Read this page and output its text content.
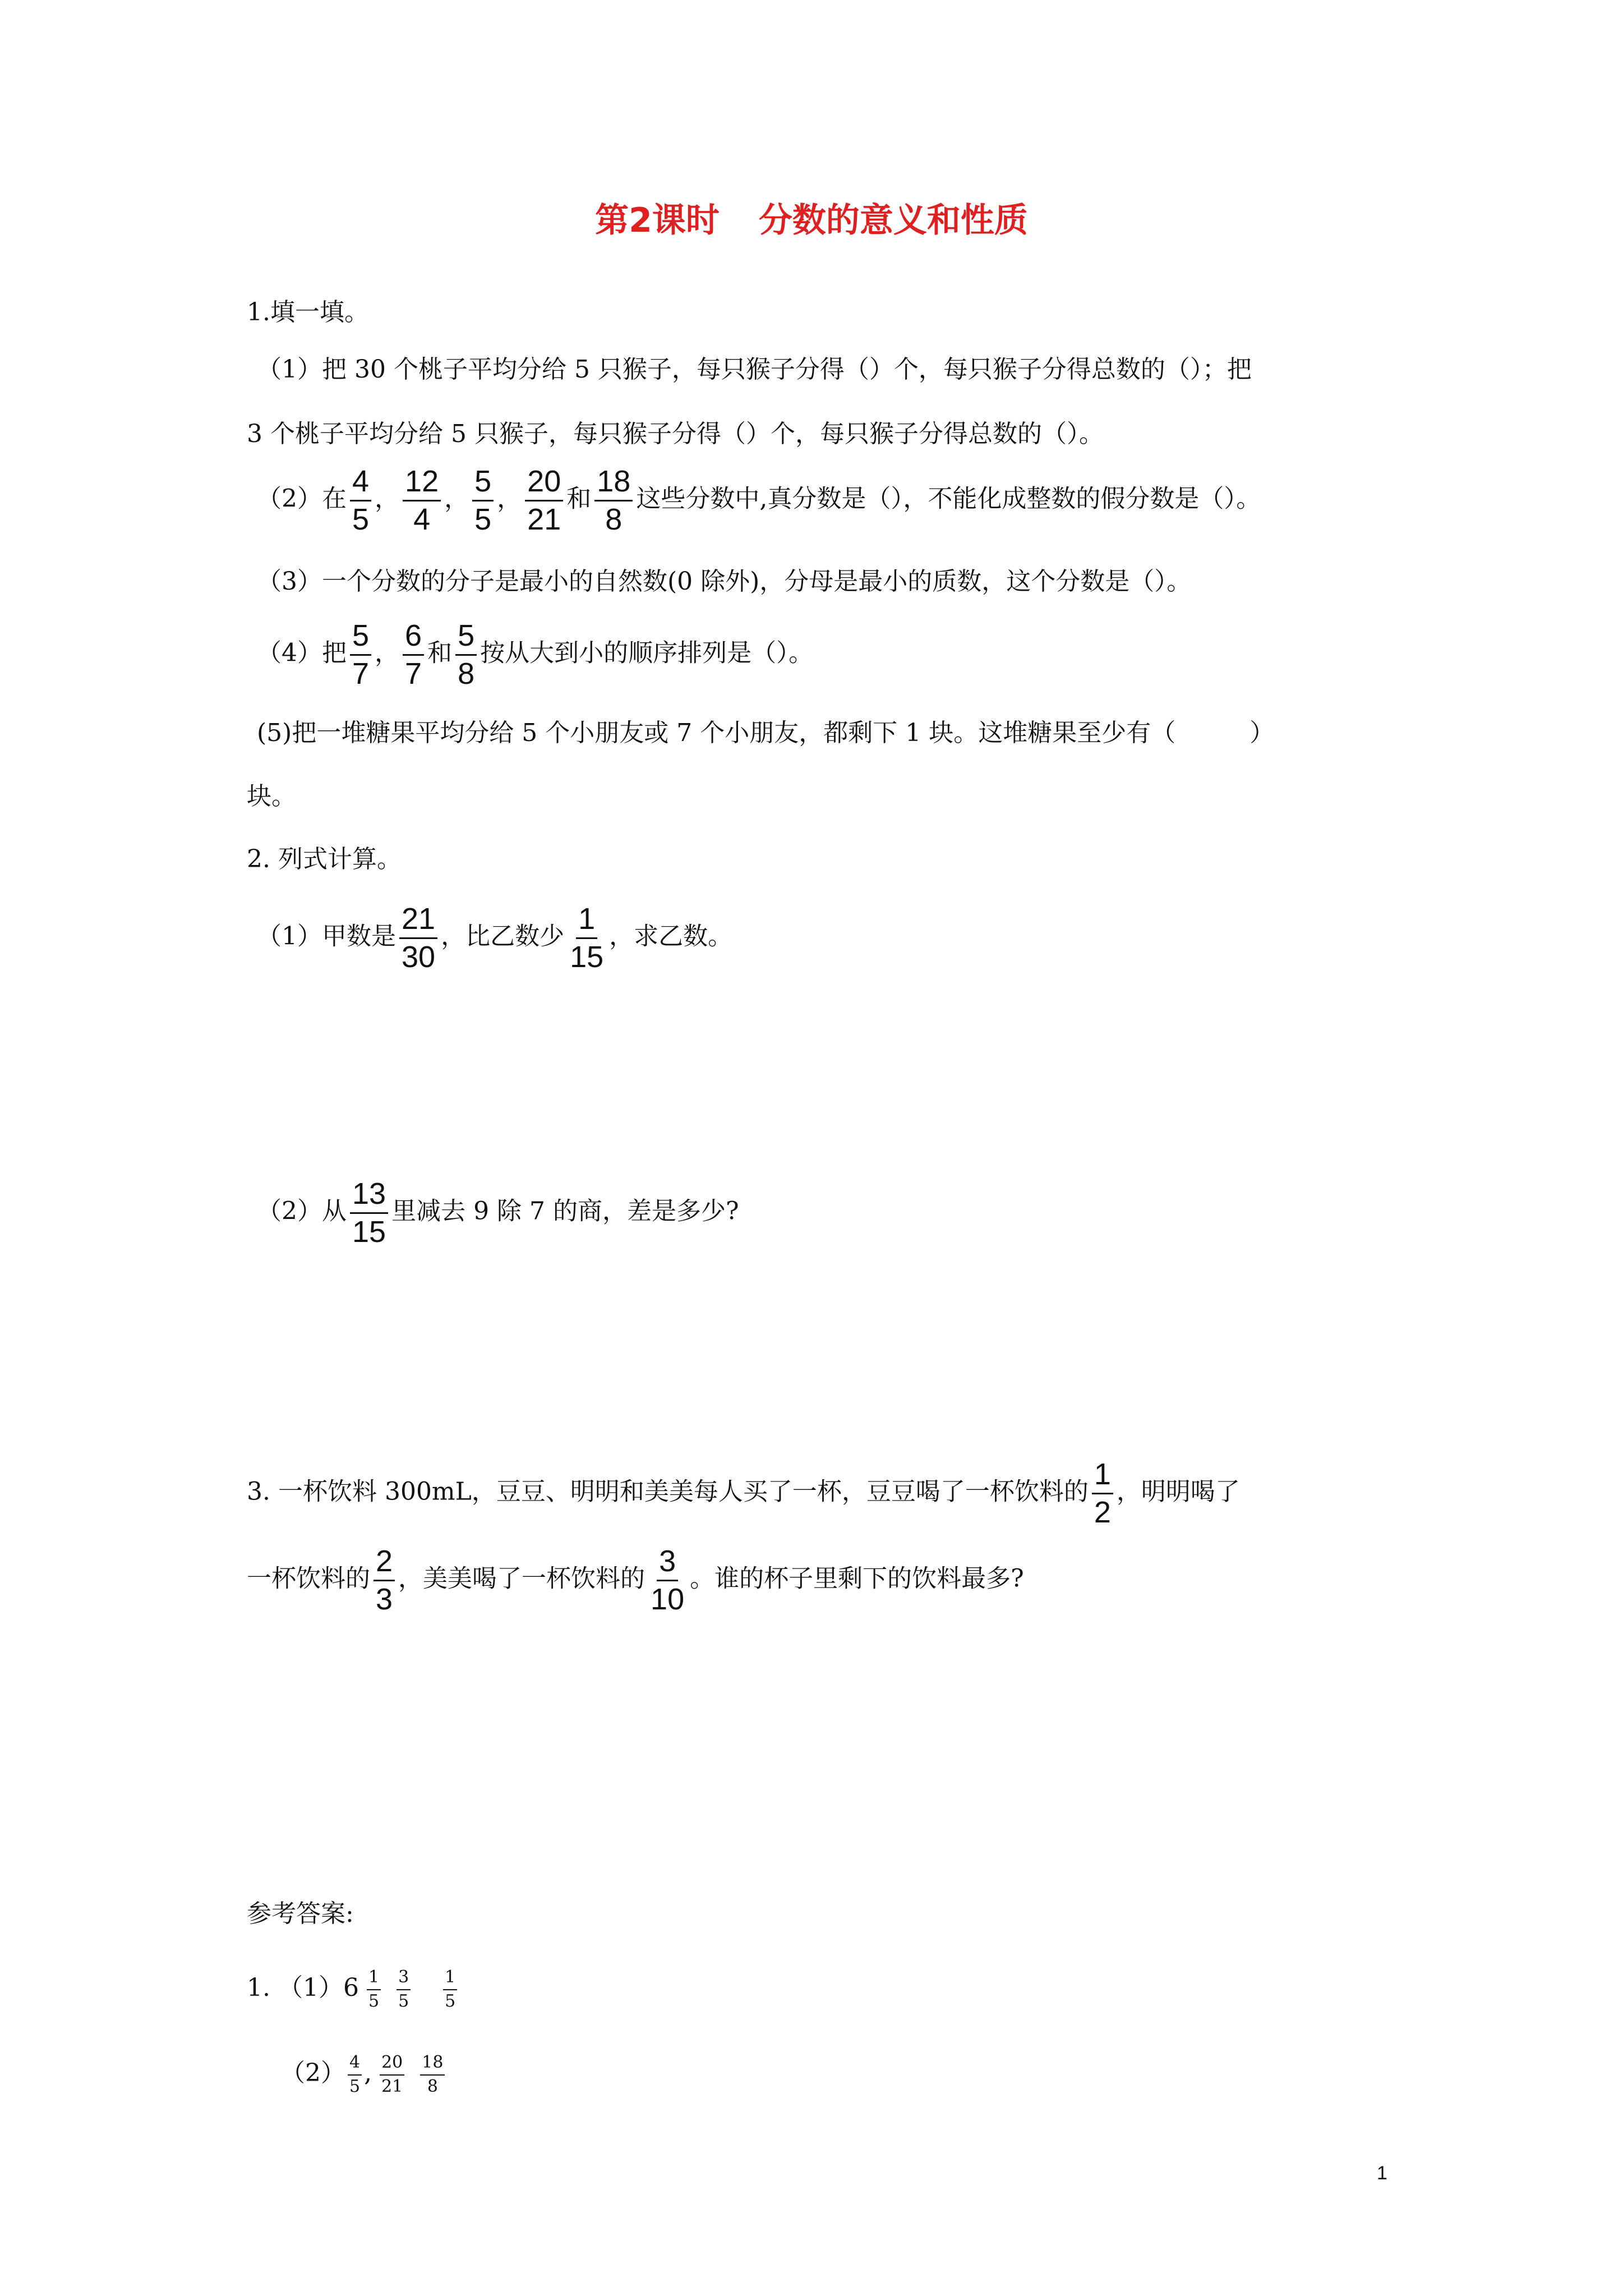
第2课时 分数的意义和性质
1.填一填。
（1）把 30 个桃子平均分给 5 只猴子，每只猴子分得（）个，每只猴子分得总数的（）；把
3 个桃子平均分给 5 只猴子，每只猴子分得（）个，每只猴子分得总数的（）。
（2）在 $\frac{4}{5}$ ， $\frac{12}{4}$ ， $\frac{5}{5}$ ， $\frac{20}{21}$ 和 $\frac{18}{8}$ 这些分数中,真分数是（），不能化成整数的假分数是（）。
（3）一个分数的分子是最小的自然数(0 除外)，分母是最小的质数，这个分数是（）。
（4）把 $\frac{5}{7}$ ， $\frac{6}{7}$ 和 $\frac{5}{8}$ 按从大到小的顺序排列是（）。
(5)把一堆糖果平均分给 5 个小朋友或 7 个小朋友，都剩下 1 块。这堆糖果至少有（　　　）
块。
2. 列式计算。
（1）甲数是 $\frac{21}{30}$ ，比乙数少 $\frac{1}{15}$ ，求乙数。
（2）从 $\frac{13}{15}$ 里减去 9 除 7 的商，差是多少?
3. 一杯饮料 300mL，豆豆、明明和美美每人买了一杯，豆豆喝了一杯饮料的 $\frac{1}{2}$ ，明明喝了
一杯饮料的 $\frac{2}{3}$ ，美美喝了一杯饮料的 $\frac{3}{10}$ 。谁的杯子里剩下的饮料最多?
参考答案:
1. $(1)6 \frac{1}{5} \frac{3}{5} \frac{1}{5}$
$(2) \frac{4}{5}$ , $\frac{20}{21} \frac{18}{8}$
1
